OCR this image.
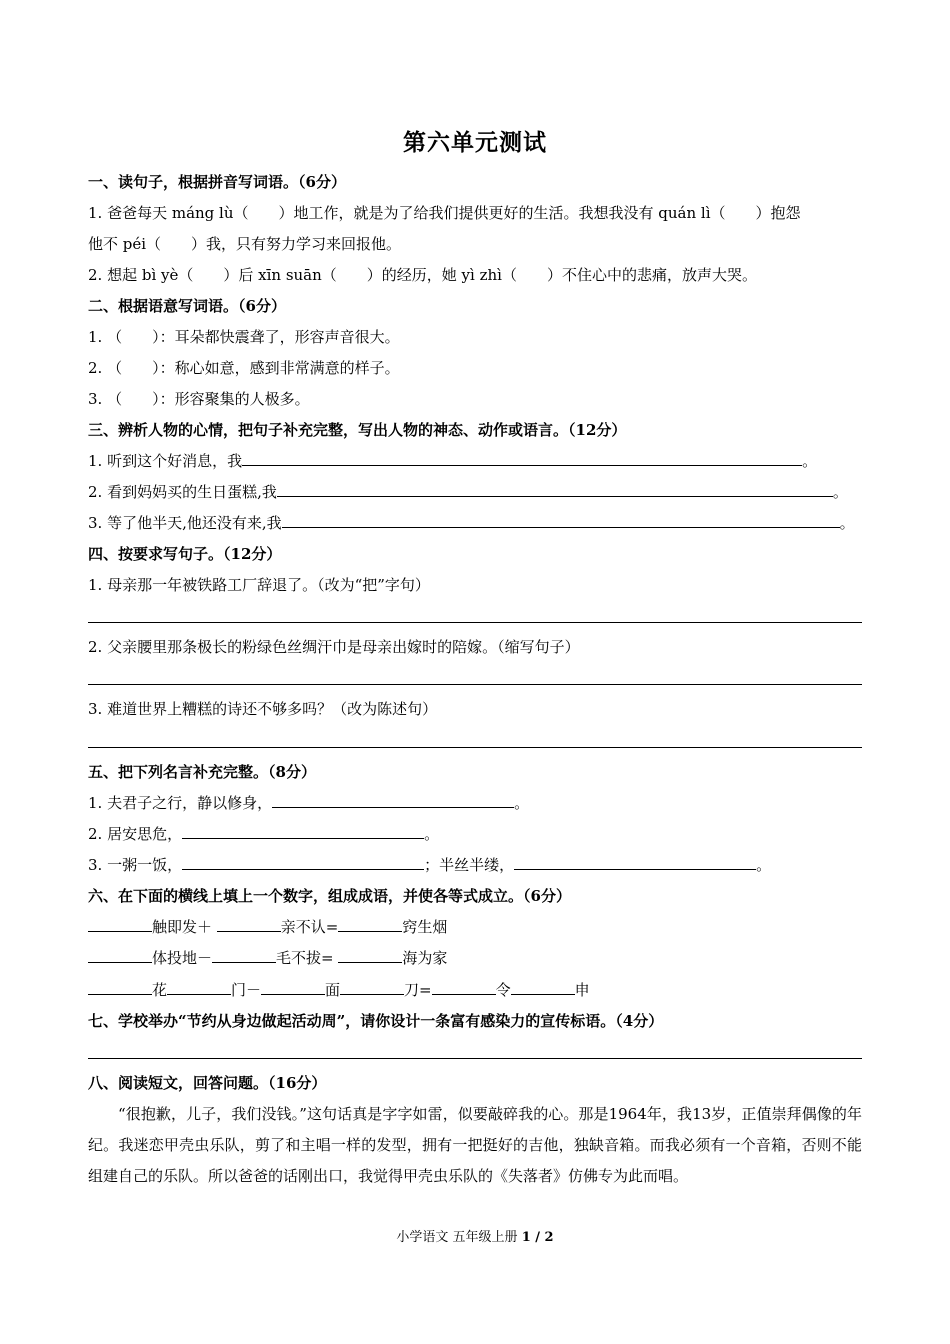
第六单元测试
一、读句子，根据拼音写词语。（6分）
1. 爸爸每天 máng lù（　　）地工作，就是为了给我们提供更好的生活。我想我没有 quán lì（　　）抱怨
他不 péi（　　）我，只有努力学习来回报他。
2. 想起 bì yè（　　）后 xīn suān（　　）的经历，她 yì zhì（　　）不住心中的悲痛，放声大哭。
二、根据语意写词语。（6分）
1. （　　）：耳朵都快震聋了，形容声音很大。
2. （　　）：称心如意，感到非常满意的样子。
3. （　　）：形容聚集的人极多。
三、辨析人物的心情，把句子补充完整，写出人物的神态、动作或语言。（12分）
1. 听到这个好消息，我	。
2. 看到妈妈买的生日蛋糕,我	。
3. 等了他半天,他还没有来,我	。
四、按要求写句子。（12分）
1. 母亲那一年被铁路工厂辞退了。（改为“把”字句）
2. 父亲腰里那条极长的粉绿色丝绸汗巾是母亲出嫁时的陪嫁。（缩写句子）
3. 难道世界上糟糕的诗还不够多吗？（改为陈述句）
五、把下列名言补充完整。（8分）
1. 夫君子之行，静以修身，	。
2. 居安思危，	。
3. 一粥一饭，	；半丝半缕，	。
六、在下面的横线上填上一个数字，组成成语，并使各等式成立。（6分）
触即发＋	亲不认=	窍生烟
体投地－	毛不拔=	海为家
花	门－	面	刀=	令	申
七、学校举办“节约从身边做起活动周”，请你设计一条富有感染力的宣传标语。（4分）
八、阅读短文，回答问题。（16分）
“很抱歉，儿子，我们没钱。”这句话真是字字如雷，似要敲碎我的心。那是1964年，我13岁，正值崇拜偶像的年纪。我迷恋甲壳虫乐队，剪了和主唱一样的发型，拥有一把挺好的吉他，独缺音箱。而我必须有一个音箱，否则不能组建自己的乐队。所以爸爸的话刚出口，我觉得甲壳虫乐队的《失落者》仿佛专为此而唱。
小学语文 五年级上册 1 / 2
